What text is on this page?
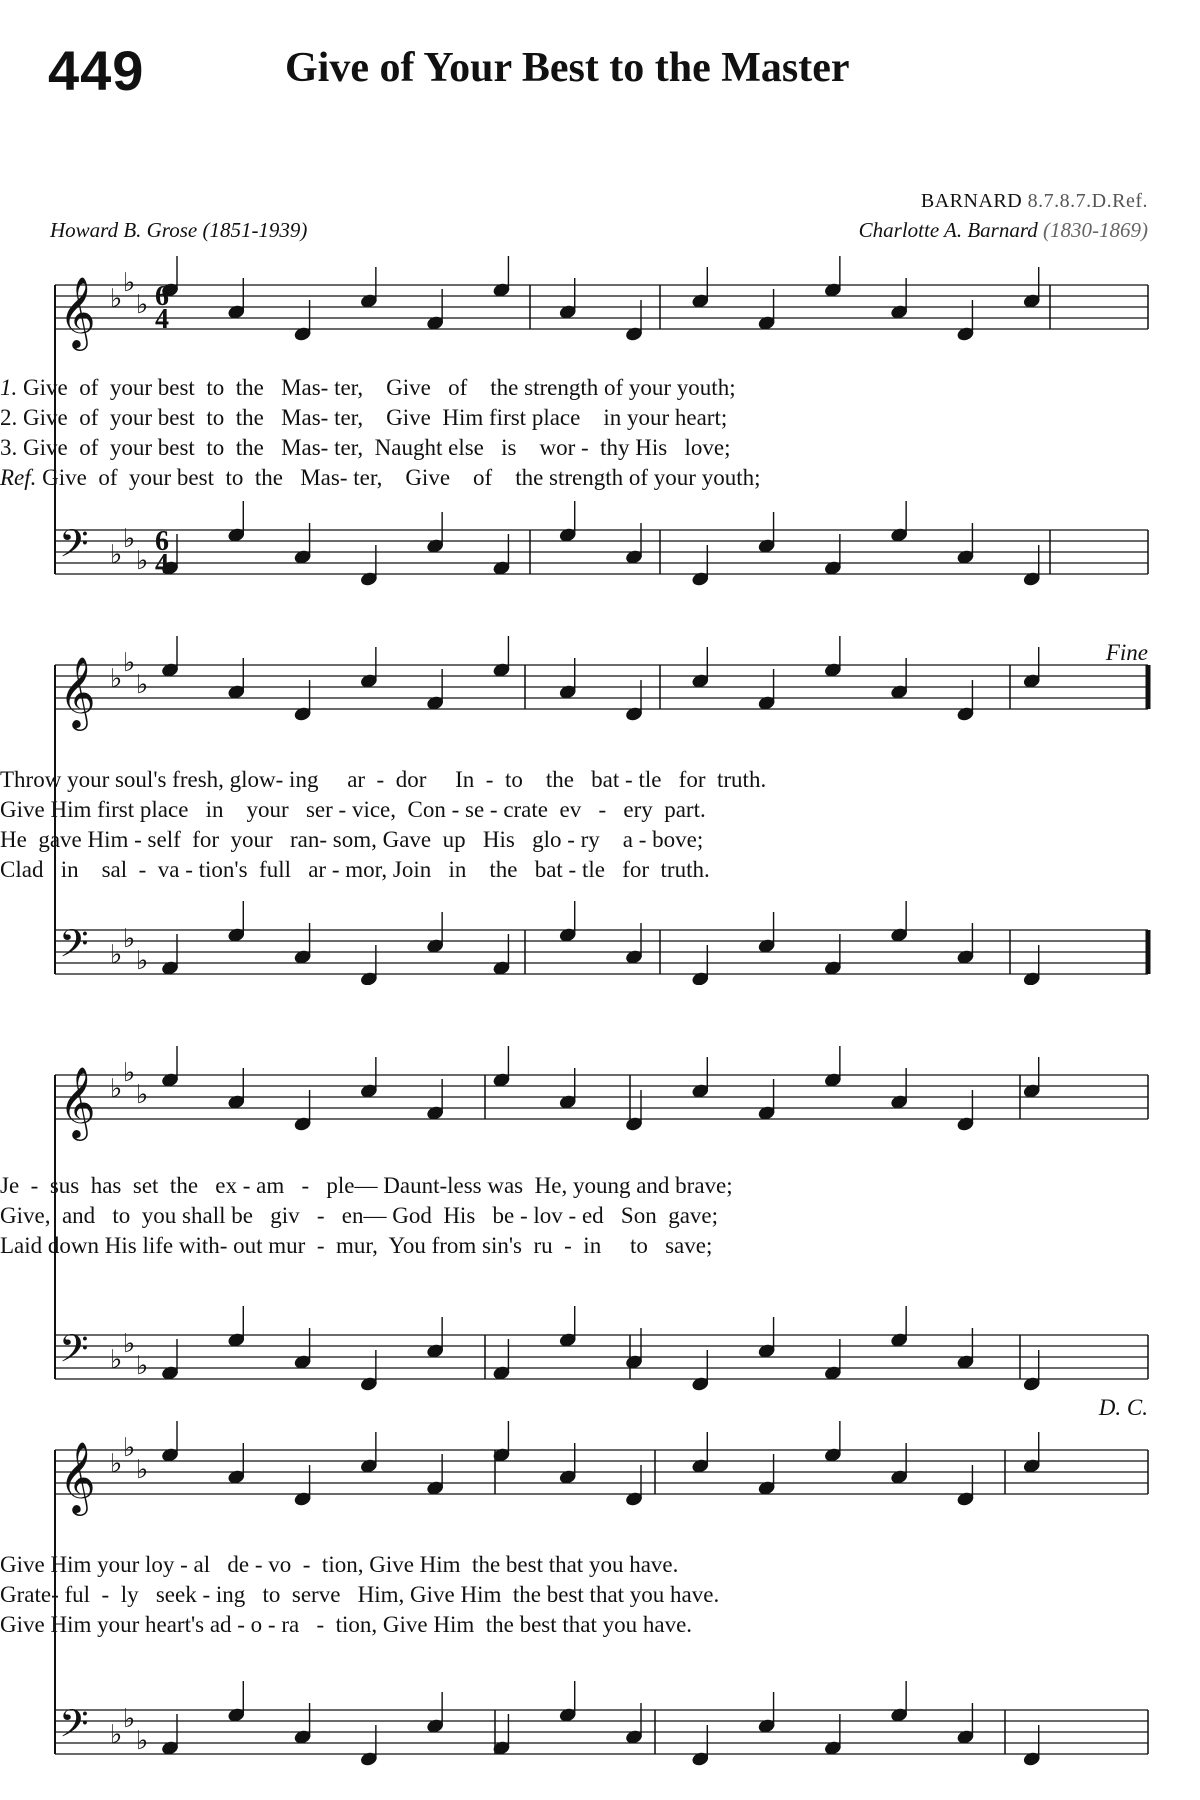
449	Give of Your Best to the Master
BARNARD 8.7.8.7.D.Ref.
Howard B. Grose (1851-1939)	Charlotte A. Barnard (1830-1869)
Fine
D. C.
𝄞 ♭
♭
♭
𝄢 ♭
♭
♭
6
4
6
4
1. Give  of  your best  to  the   Mas- ter,    Give   of    the strength of your youth;
2. Give  of  your best  to  the   Mas- ter,    Give  Him first place    in your heart;
3. Give  of  your best  to  the   Mas- ter,  Naught else   is    wor -  thy His   love;
Ref. Give  of  your best  to  the   Mas- ter,    Give    of    the strength of your youth;
𝄞 ♭
♭
♭
𝄢 ♭
♭
♭
Throw your soul's fresh, glow- ing     ar  -  dor     In  -  to    the   bat - tle   for  truth.
Give Him first place   in    your   ser - vice,  Con - se - crate  ev   -   ery  part.
He  gave Him - self  for  your   ran- som, Gave  up   His   glo - ry    a - bove;
Clad   in    sal  -  va - tion's  full   ar - mor, Join   in    the   bat - tle   for  truth.
𝄞 ♭
♭
♭
𝄢 ♭
♭
♭
Je  -  sus  has  set  the   ex - am   -   ple— Daunt-less was  He, young and brave;
Give,  and   to  you shall be   giv   -   en— God  His   be - lov - ed   Son  gave;
Laid down His life with- out mur  -  mur,  You from sin's  ru  -  in     to   save;
𝄞 ♭
♭
♭
𝄢 ♭
♭
♭
Give Him your loy - al   de - vo  -  tion, Give Him  the best that you have.
Grate- ful  -  ly   seek - ing   to  serve   Him, Give Him  the best that you have.
Give Him your heart's ad - o - ra   -  tion, Give Him  the best that you have.
